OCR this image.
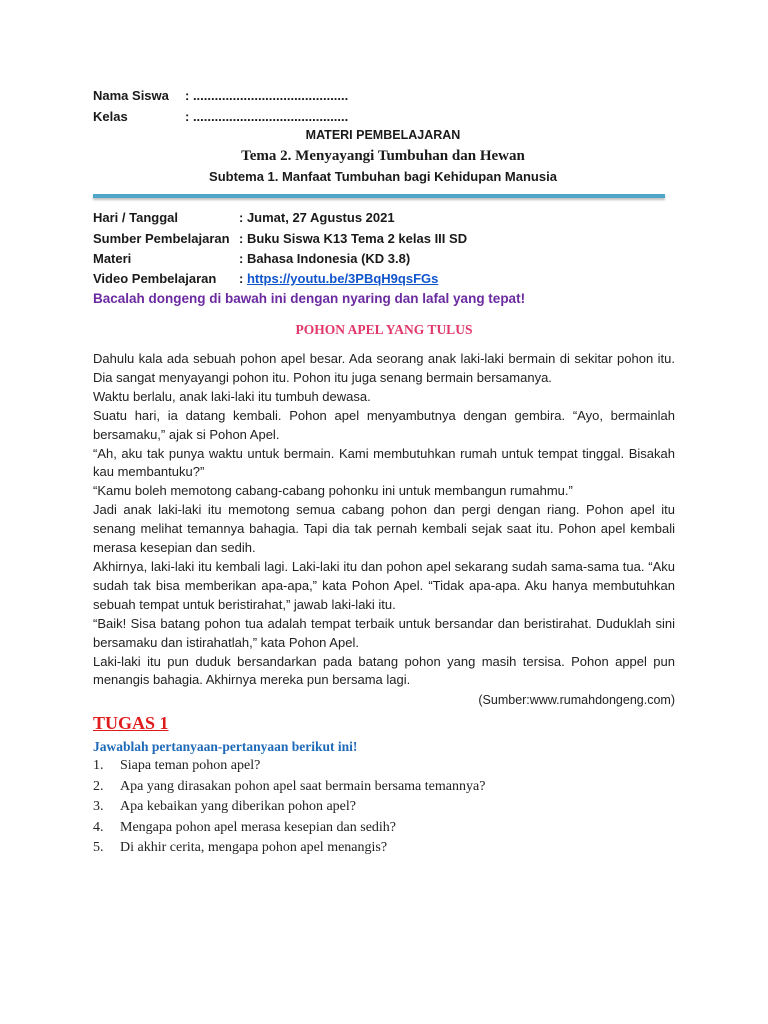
Nama Siswa : ...........................................
Kelas	: ...........................................
MATERI PEMBELAJARAN
Tema 2. Menyayangi Tumbuhan dan Hewan
Subtema 1. Manfaat Tumbuhan bagi Kehidupan Manusia
Hari / Tanggal	: Jumat, 27 Agustus 2021
Sumber Pembelajaran : Buku Siswa K13 Tema 2 kelas III SD
Materi	: Bahasa Indonesia (KD 3.8)
Video Pembelajaran : https://youtu.be/3PBqH9qsFGs
Bacalah dongeng di bawah ini dengan nyaring dan lafal yang tepat!
POHON APEL YANG TULUS

Dahulu kala ada sebuah pohon apel besar. Ada seorang anak laki-laki bermain di sekitar pohon itu. Dia sangat menyayangi pohon itu. Pohon itu juga senang bermain bersamanya.

Waktu berlalu, anak laki-laki itu tumbuh dewasa.

Suatu hari, ia datang kembali. Pohon apel menyambutnya dengan gembira. “Ayo, bermainlah bersamaku,” ajak si Pohon Apel.

“Ah, aku tak punya waktu untuk bermain. Kami membutuhkan rumah untuk tempat tinggal. Bisakah kau membantuku?”

“Kamu boleh memotong cabang-cabang pohonku ini untuk membangun rumahmu.”

Jadi anak laki-laki itu memotong semua cabang pohon dan pergi dengan riang. Pohon apel itu senang melihat temannya bahagia. Tapi dia tak pernah kembali sejak saat itu. Pohon apel kembali merasa kesepian dan sedih.

Akhirnya, laki-laki itu kembali lagi. Laki-laki itu dan pohon apel sekarang sudah sama-sama tua. “Aku sudah tak bisa memberikan apa-apa,” kata Pohon Apel. “Tidak apa-apa. Aku hanya membutuhkan sebuah tempat untuk beristirahat,” jawab laki-laki itu.

“Baik! Sisa batang pohon tua adalah tempat terbaik untuk bersandar dan beristirahat. Duduklah sini bersamaku dan istirahatlah,” kata Pohon Apel.

Laki-laki itu pun duduk bersandarkan pada batang pohon yang masih tersisa. Pohon appel pun menangis bahagia. Akhirnya mereka pun bersama lagi.

(Sumber:www.rumahdongeng.com)

TUGAS 1
Jawablah pertanyaan-pertanyaan berikut ini!
1. Siapa teman pohon apel?
2. Apa yang dirasakan pohon apel saat bermain bersama temannya?
3. Apa kebaikan yang diberikan pohon apel?
4. Mengapa pohon apel merasa kesepian dan sedih?
5. Di akhir cerita, mengapa pohon apel menangis?
